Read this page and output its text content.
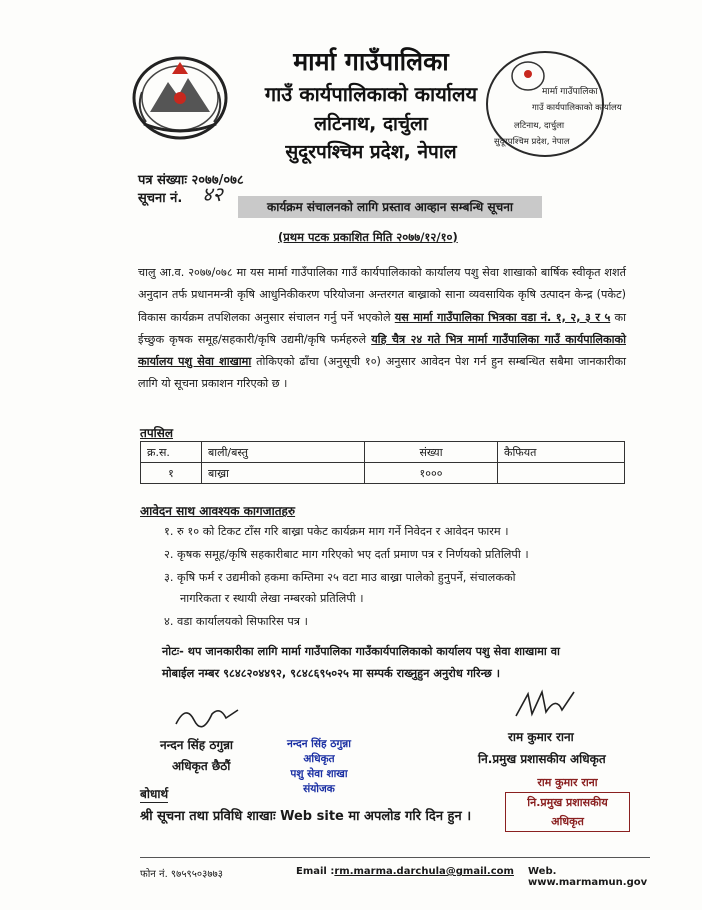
मार्मा गाउँपालिका
गाउँ कार्यपालिकाको कार्यालय
लटिनाथ, दार्चुला
सुदूरपश्चिम प्रदेश, नेपाल
मार्मा गाउँपालिका
गाउँ कार्यपालिकाको कार्यालय
लटिनाथ, दार्चुला
सुदूरपश्चिम प्रदेश, नेपाल
पत्र संख्याः २०७७/०७८
सूचना नं. ४२
कार्यक्रम संचालनको लागि प्रस्ताव आव्हान सम्बन्धि सूचना
(प्रथम पटक प्रकाशित मिति २०७७/१२/१०)
चालु आ.व. २०७७/०७८ मा यस मार्मा गाउँपालिका गाउँ कार्यपालिकाको कार्यालय पशु सेवा शाखाको बार्षिक स्वीकृत शशर्त अनुदान तर्फ प्रधानमन्त्री कृषि आधुनिकीकरण परियोजना अन्तरगत बाख्राको साना व्यवसायिक कृषि उत्पादन केन्द्र (पकेट) विकास कार्यक्रम तपशिलका अनुसार संचालन गर्नु पर्ने भएकोले यस मार्मा गाउँपालिका भित्रका वडा नं. १, २, ३ र ५ का ईच्छुक कृषक समूह/सहकारी/कृषि उद्यमी/कृषि फर्महरुले यहि चैत्र २४ गते भित्र मार्मा गाउँपालिका गाउँ कार्यपालिकाको कार्यालय पशु सेवा शाखामा तोकिएको ढाँचा (अनुसूची १०) अनुसार आवेदन पेश गर्न हुन सम्बन्धित सबैमा जानकारीका लागि यो सूचना प्रकाशन गरिएको छ ।
तपसिल
क्र.स.	बाली/बस्तु	संख्या	कैफियत
१	बाख्रा	१०००	
आवेदन साथ आवश्यक कागजातहरु
१. रु १० को टिकट टाँस गरि बाख्रा पकेट कार्यक्रम माग गर्ने निवेदन र आवेदन फारम ।
२. कृषक समूह/कृषि सहकारीबाट माग गरिएको भए दर्ता प्रमाण पत्र र निर्णयको प्रतिलिपी ।
३. कृषि फर्म र उद्यमीको हकमा कम्तिमा २५ वटा माउ बाख्रा पालेको हुनुपर्ने, संचालकको
नागरिकता र स्थायी लेखा नम्बरको प्रतिलिपी ।
४. वडा कार्यालयको सिफारिस पत्र ।
नोटः- थप जानकारीका लागि मार्मा गाउँपालिका गाउँकार्यपालिकाको कार्यालय पशु सेवा शाखामा वा
मोबाईल नम्बर ९८४८२०४४९२, ९८४८६९५०२५ मा सम्पर्क राख्नुहुन अनुरोध गरिन्छ ।
नन्दन सिंह ठगुन्ना
अधिकृत छैठौं
राम कुमार राना
नि.प्रमुख प्रशासकीय अधिकृत
नन्दन सिंह ठगुन्ना
अधिकृत
पशु सेवा शाखा
संयोजक	राम कुमार राना
नि.प्रमुख प्रशासकीय अधिकृत
बोधार्थ
श्री सूचना तथा प्रविधि शाखाः Web site मा अपलोड गरि दिन हुन ।
फोन नं. ९७५९५०३७७३	Email :rm.marma.darchula@gmail.com Web. www.marmamun.gov
